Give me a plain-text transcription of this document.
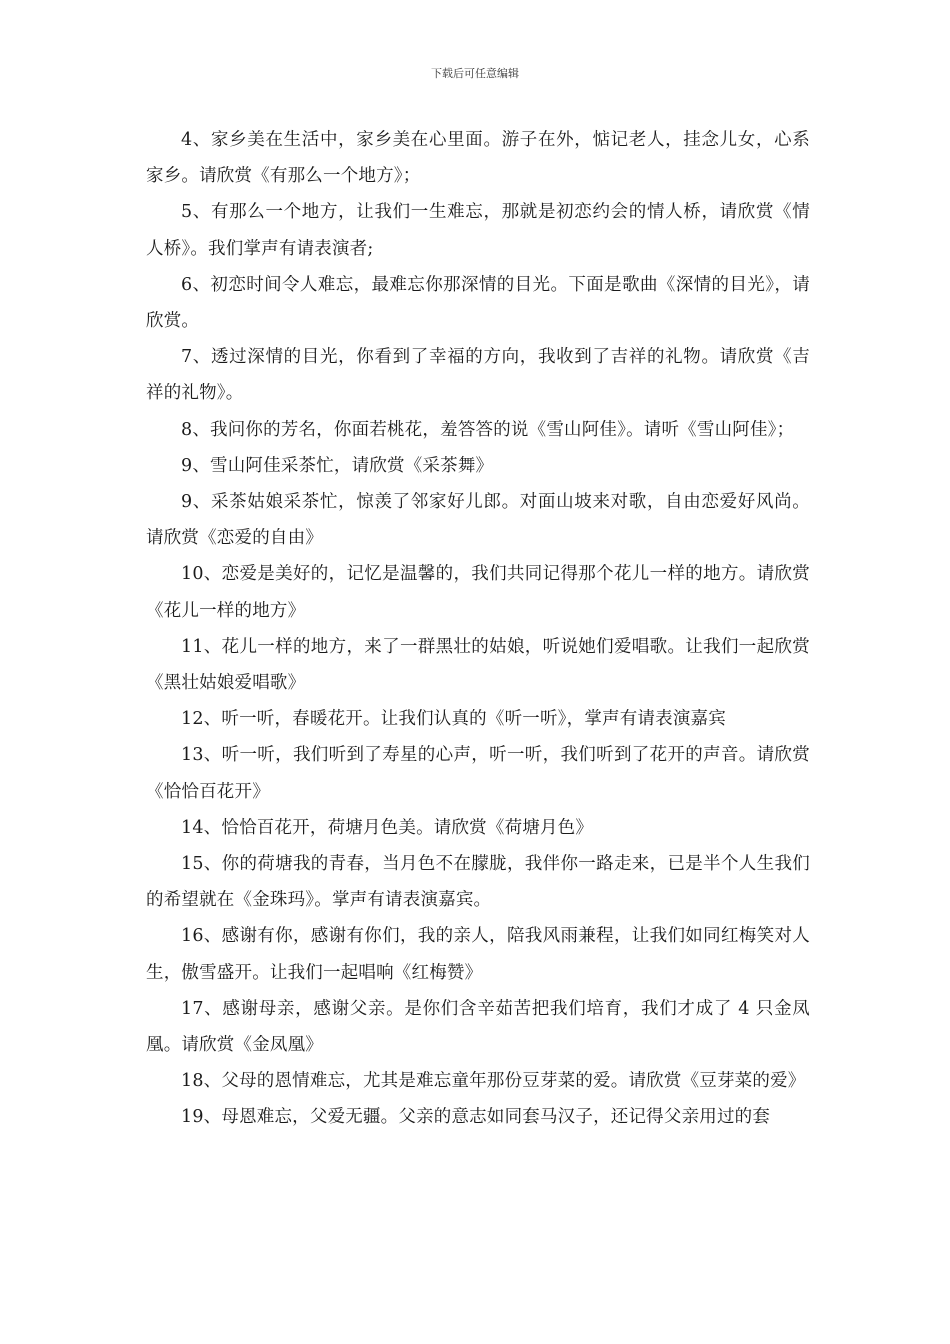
下载后可任意编辑

4、家乡美在生活中，家乡美在心里面。游子在外，惦记老人，挂念儿女，心系家乡。请欣赏《有那么一个地方》；

5、有那么一个地方，让我们一生难忘，那就是初恋约会的情人桥，请欣赏《情人桥》。我们掌声有请表演者;

6、初恋时间令人难忘，最难忘你那深情的目光。下面是歌曲《深情的目光》，请欣赏。

7、透过深情的目光，你看到了幸福的方向，我收到了吉祥的礼物。请欣赏《吉祥的礼物》。

8、我问你的芳名，你面若桃花，羞答答的说《雪山阿佳》。请听《雪山阿佳》；

9、雪山阿佳采茶忙，请欣赏《采茶舞》

9、采茶姑娘采茶忙，惊羡了邻家好儿郎。对面山坡来对歌，自由恋爱好风尚。请欣赏《恋爱的自由》

10、恋爱是美好的，记忆是温馨的，我们共同记得那个花儿一样的地方。请欣赏《花儿一样的地方》

11、花儿一样的地方，来了一群黑壮的姑娘，听说她们爱唱歌。让我们一起欣赏《黑壮姑娘爱唱歌》

12、听一听，春暖花开。让我们认真的《听一听》，掌声有请表演嘉宾

13、听一听，我们听到了寿星的心声，听一听，我们听到了花开的声音。请欣赏《恰恰百花开》

14、恰恰百花开，荷塘月色美。请欣赏《荷塘月色》

15、你的荷塘我的青春，当月色不在朦胧，我伴你一路走来，已是半个人生我们的希望就在《金珠玛》。掌声有请表演嘉宾。

16、感谢有你，感谢有你们，我的亲人，陪我风雨兼程，让我们如同红梅笑对人生，傲雪盛开。让我们一起唱响《红梅赞》

17、感谢母亲，感谢父亲。是你们含辛茹苦把我们培育，我们才成了 4 只金凤凰。请欣赏《金凤凰》

18、父母的恩情难忘，尤其是难忘童年那份豆芽菜的爱。请欣赏《豆芽菜的爱》

19、母恩难忘，父爱无疆。父亲的意志如同套马汉子，还记得父亲用过的套
